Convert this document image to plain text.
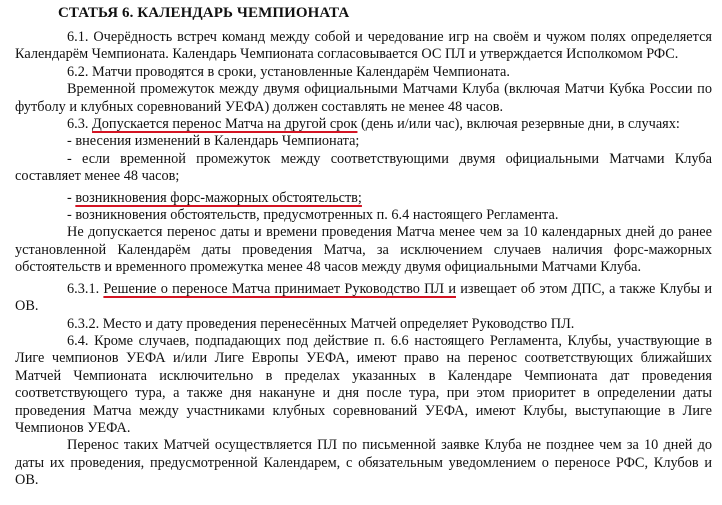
СТАТЬЯ 6. КАЛЕНДАРЬ ЧЕМПИОНАТА

6.1. Очерёдность встреч команд между собой и чередование игр на своём и чужом полях определяется Календарём Чемпионата. Календарь Чемпионата согласовывается ОС ПЛ и утверждается Исполкомом РФС.

6.2. Матчи проводятся в сроки, установленные Календарём Чемпионата.

Временной промежуток между двумя официальными Матчами Клуба (включая Матчи Кубка России по футболу и клубных соревнований УЕФА) должен составлять не менее 48 часов.

6.3. Допускается перенос Матча на другой срок (день и/или час), включая резервные дни, в случаях:

- внесения изменений в Календарь Чемпионата;

- если временной промежуток между соответствующими двумя официальными Матчами Клуба составляет менее 48 часов;

- возникновения форс-мажорных обстоятельств;

- возникновения обстоятельств, предусмотренных п. 6.4 настоящего Регламента.

Не допускается перенос даты и времени проведения Матча менее чем за 10 календарных дней до ранее установленной Календарём даты проведения Матча, за исключением случаев наличия форс-мажорных обстоятельств и временного промежутка менее 48 часов между двумя официальными Матчами Клуба.

6.3.1. Решение о переносе Матча принимает Руководство ПЛ и извещает об этом ДПС, а также Клубы и ОВ.

6.3.2. Место и дату проведения перенесённых Матчей определяет Руководство ПЛ.

6.4. Кроме случаев, подпадающих под действие п. 6.6 настоящего Регламента, Клубы, участвующие в Лиге чемпионов УЕФА и/или Лиге Европы УЕФА, имеют право на перенос соответствующих ближайших Матчей Чемпионата исключительно в пределах указанных в Календаре Чемпионата дат проведения соответствующего тура, а также дня накануне и дня после тура, при этом приоритет в определении даты проведения Матча между участниками клубных соревнований УЕФА, имеют Клубы, выступающие в Лиге Чемпионов УЕФА.

Перенос таких Матчей осуществляется ПЛ по письменной заявке Клуба не позднее чем за 10 дней до даты их проведения, предусмотренной Календарем, с обязательным уведомлением о переносе РФС, Клубов и ОВ.
